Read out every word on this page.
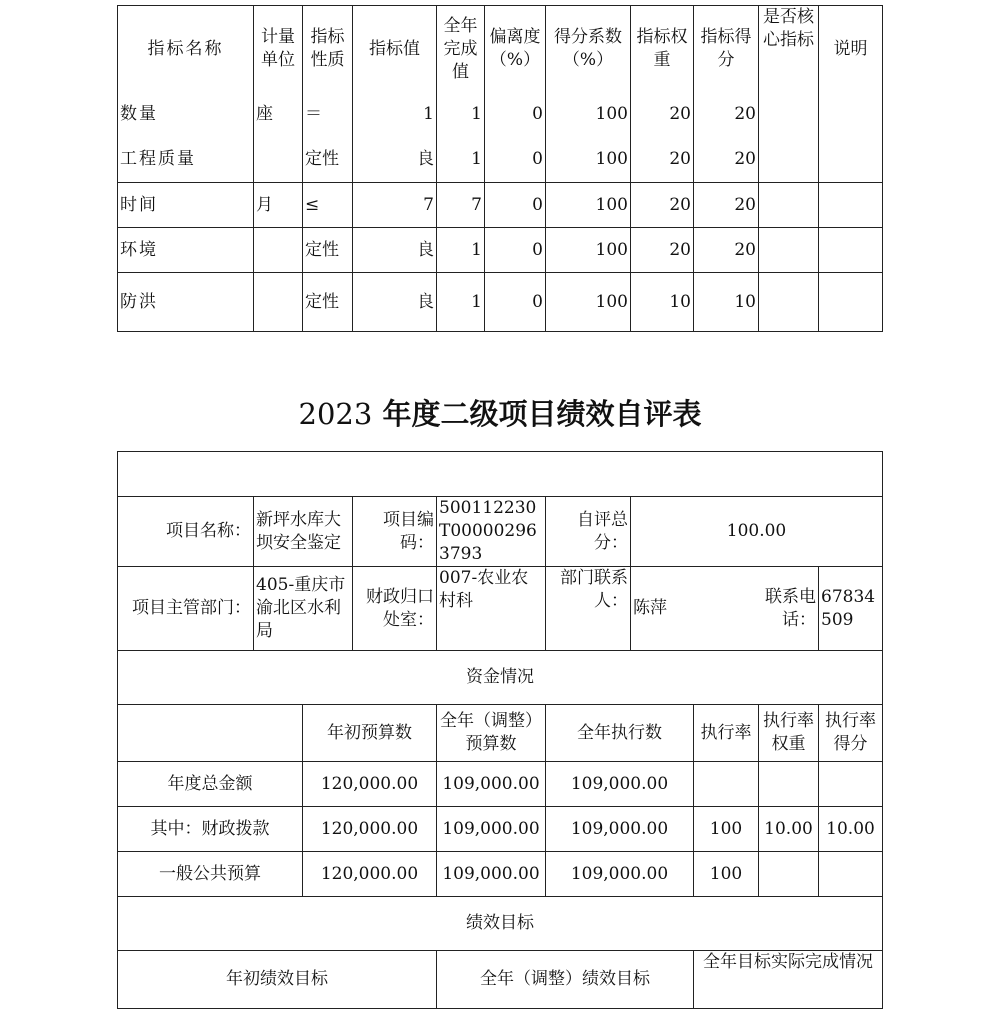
指标名称	计量单位	指标性质	指标值	全年完成值	偏离度（%）	得分系数（%）	指标权重	指标得分	是否核心指标	说明
数量	座	＝	1	1	0	100	20	20		
工程质量		定性	良	1	0	100	20	20		
时间	月	≤	7	7	0	100	20	20		
环境		定性	良	1	0	100	20	20		
防洪		定性	良	1	0	100	10	10		
2023 年度二级项目绩效自评表

项目名称：	新坪水库大坝安全鉴定		项目编码：	500112230T000002963793	自评总分：	100.00			
项目主管部门：	405-重庆市渝北区水利局		财政归口处室：	007-农业农村科	部门联系人：	陈萍		联系电话：	67834509
资金情况									
		年初预算数		全年（调整）预算数	全年执行数		执行率	执行率权重	执行率得分
年度总金额		120,000.00		109,000.00	109,000.00				
其中：财政拨款		120,000.00		109,000.00	109,000.00		100	10.00	10.00
一般公共预算		120,000.00		109,000.00	109,000.00		100		
绩效目标									
年初绩效目标				全年（调整）绩效目标			全年目标实际完成情况		
